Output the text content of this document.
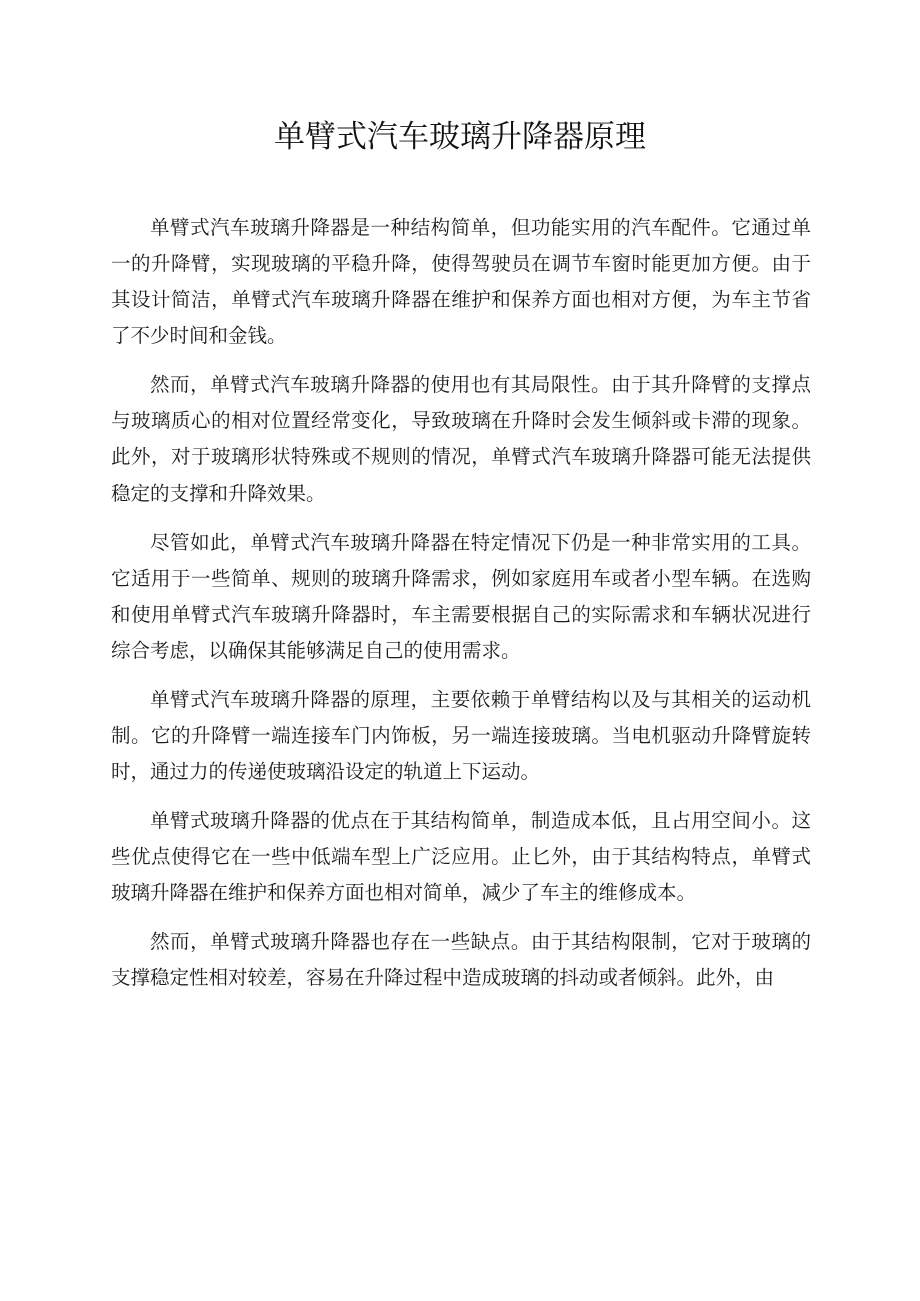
单臂式汽车玻璃升降器原理

单臂式汽车玻璃升降器是一种结构简单，但功能实用的汽车配件。它通过单一的升降臂，实现玻璃的平稳升降，使得驾驶员在调节车窗时能更加方便。由于其设计简洁，单臂式汽车玻璃升降器在维护和保养方面也相对方便，为车主节省了不少时间和金钱。

然而，单臂式汽车玻璃升降器的使用也有其局限性。由于其升降臂的支撑点与玻璃质心的相对位置经常变化，导致玻璃在升降时会发生倾斜或卡滞的现象。此外，对于玻璃形状特殊或不规则的情况，单臂式汽车玻璃升降器可能无法提供稳定的支撑和升降效果。

尽管如此，单臂式汽车玻璃升降器在特定情况下仍是一种非常实用的工具。它适用于一些简单、规则的玻璃升降需求，例如家庭用车或者小型车辆。在选购和使用单臂式汽车玻璃升降器时，车主需要根据自己的实际需求和车辆状况进行综合考虑，以确保其能够满足自己的使用需求。

单臂式汽车玻璃升降器的原理，主要依赖于单臂结构以及与其相关的运动机制。它的升降臂一端连接车门内饰板，另一端连接玻璃。当电机驱动升降臂旋转时，通过力的传递使玻璃沿设定的轨道上下运动。

单臂式玻璃升降器的优点在于其结构简单，制造成本低，且占用空间小。这些优点使得它在一些中低端车型上广泛应用。止匕外，由于其结构特点，单臂式玻璃升降器在维护和保养方面也相对简单，减少了车主的维修成本。

然而，单臂式玻璃升降器也存在一些缺点。由于其结构限制，它对于玻璃的支撑稳定性相对较差，容易在升降过程中造成玻璃的抖动或者倾斜。此外，由
